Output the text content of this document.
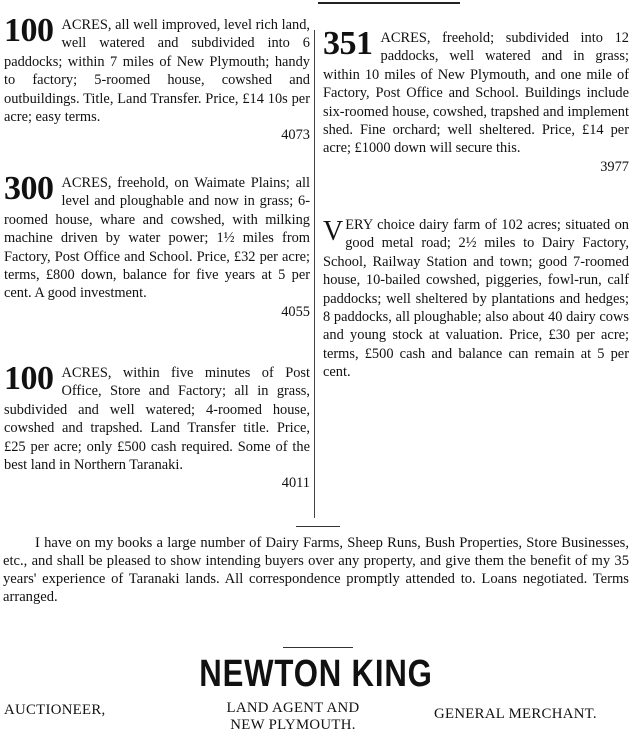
100 ACRES, all well improved, level rich land, well watered and subdivided into 6 paddocks; within 7 miles of New Plymouth; handy to factory; 5-roomed house, cowshed and outbuildings. Title, Land Transfer. Price, £14 10s per acre; easy terms.

4073
300 ACRES, freehold, on Waimate Plains; all level and ploughable and now in grass; 6-roomed house, whare and cowshed, with milking machine driven by water power; 1½ miles from Factory, Post Office and School. Price, £32 per acre; terms, £800 down, balance for five years at 5 per cent. A good investment.

4055
100 ACRES, within five minutes of Post Office, Store and Factory; all in grass, subdivided and well watered; 4-roomed house, cowshed and trapshed. Land Transfer title. Price, £25 per acre; only £500 cash required. Some of the best land in Northern Taranaki.

4011
351 ACRES, freehold; subdivided into 12 paddocks, well watered and in grass; within 10 miles of New Plymouth, and one mile of Factory, Post Office and School. Buildings include six-roomed house, cowshed, trapshed and implement shed. Fine orchard; well sheltered. Price, £14 per acre; £1000 down will secure this.

3977
V ERY choice dairy farm of 102 acres; situated on good metal road; 2½ miles to Dairy Factory, School, Railway Station and town; good 7-roomed house, 10-bailed cowshed, piggeries, fowl-run, calf paddocks; well sheltered by plantations and hedges; 8 paddocks, all ploughable; also about 40 dairy cows and young stock at valuation. Price, £30 per acre; terms, £500 cash and balance can remain at 5 per cent.

I have on my books a large number of Dairy Farms, Sheep Runs, Bush Properties, Store Businesses, etc., and shall be pleased to show intending buyers over any property, and give them the benefit of my 35 years' experience of Taranaki lands. All correspondence promptly attended to. Loans negotiated. Terms arranged.

NEWTON KING
AUCTIONEER,	LAND AGENT AND
NEW PLYMOUTH.
GENERAL MERCHANT.
